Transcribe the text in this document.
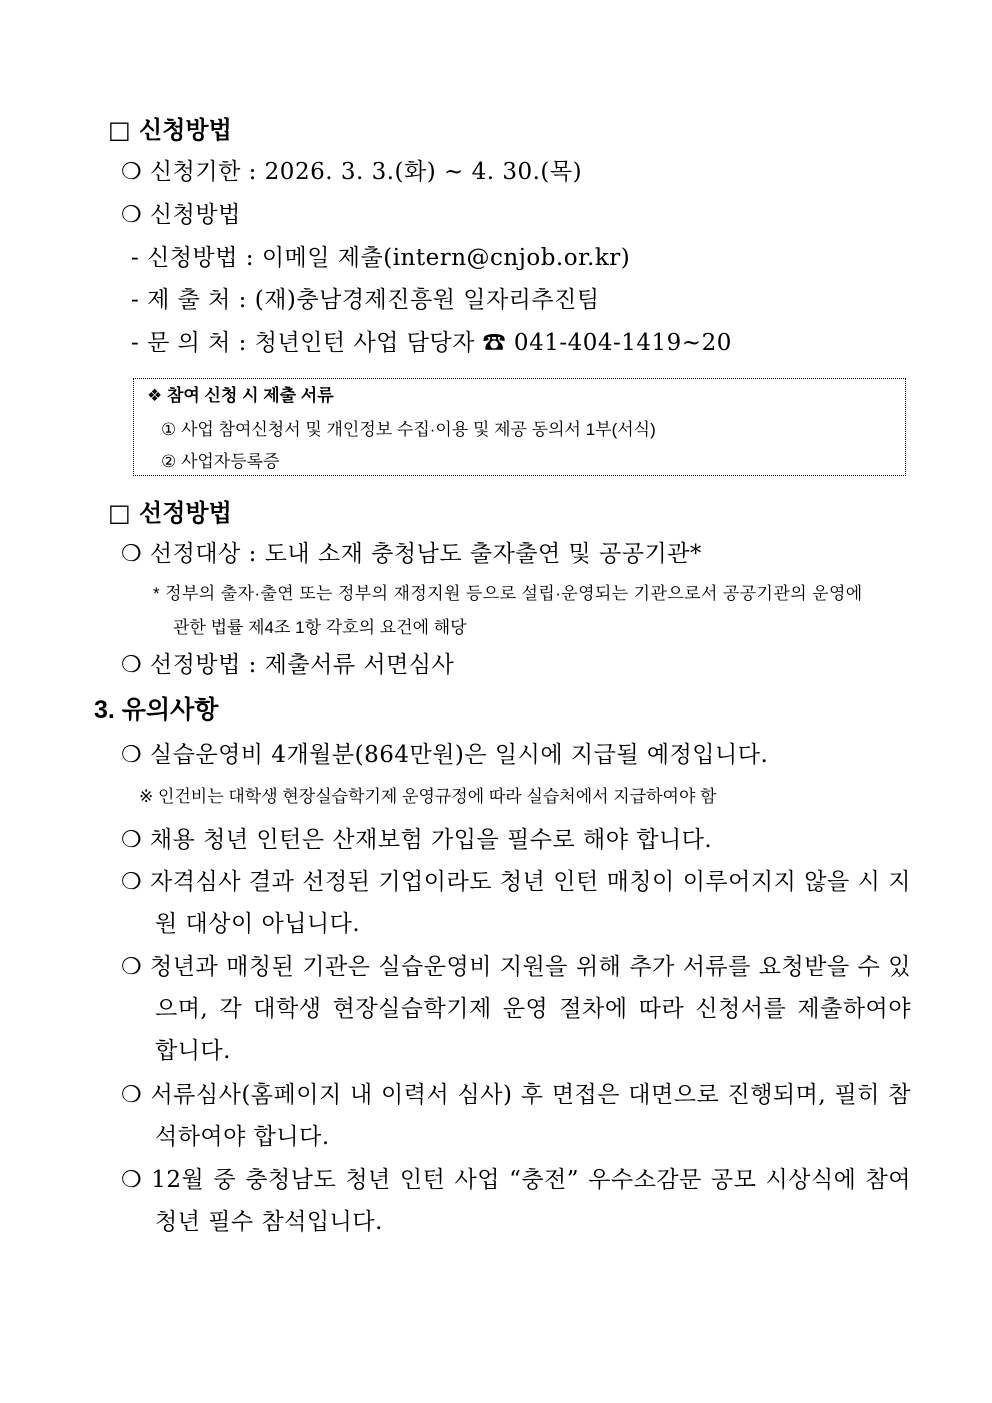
□ 신청방법
❍ 신청기한 : 2026. 3. 3.(화) ~ 4. 30.(목)
❍ 신청방법
- 신청방법 : 이메일 제출(intern@cnjob.or.kr)
- 제 출 처 : (재)충남경제진흥원 일자리추진팀
- 문 의 처 : 청년인턴 사업 담당자 ☎ 041-404-1419~20
❖ 참여 신청 시 제출 서류
① 사업 참여신청서 및 개인정보 수집·이용 및 제공 동의서 1부(서식)
② 사업자등록증
□ 선정방법
❍ 선정대상 : 도내 소재 충청남도 출자출연 및 공공기관*
* 정부의 출자·출연 또는 정부의 재정지원 등으로 설립·운영되는 기관으로서 공공기관의 운영에
관한 법률 제4조 1항 각호의 요건에 해당
❍ 선정방법 : 제출서류 서면심사
3. 유의사항
❍ 실습운영비 4개월분(864만원)은 일시에 지급될 예정입니다.
※ 인건비는 대학생 현장실습학기제 운영규정에 따라 실습처에서 지급하여야 함
❍ 채용 청년 인턴은 산재보험 가입을 필수로 해야 합니다.
❍ 자격심사 결과 선정된 기업이라도 청년 인턴 매칭이 이루어지지 않을 시 지원 대상이 아닙니다.
❍ 청년과 매칭된 기관은 실습운영비 지원을 위해 추가 서류를 요청받을 수 있으며, 각 대학생 현장실습학기제 운영 절차에 따라 신청서를 제출하여야 합니다.
❍ 서류심사(홈페이지 내 이력서 심사) 후 면접은 대면으로 진행되며, 필히 참석하여야 합니다.
❍ 12월 중 충청남도 청년 인턴 사업 “충전” 우수소감문 공모 시상식에 참여 청년 필수 참석입니다.
